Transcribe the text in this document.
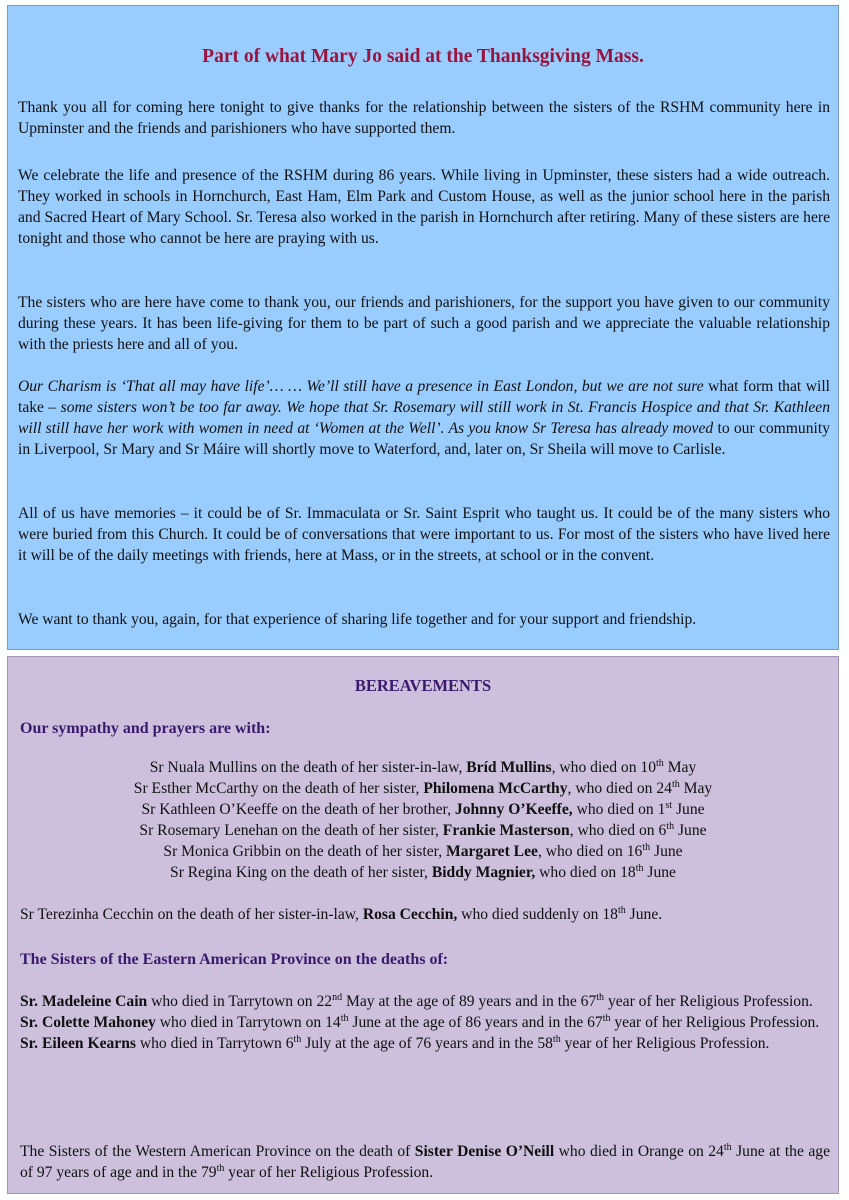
Part of what Mary Jo said at the Thanksgiving Mass.

Thank you all for coming here tonight to give thanks for the relationship between the sisters of the RSHM community here in Upminster and the friends and parishioners who have supported them.

We celebrate the life and presence of the RSHM during 86 years. While living in Upminster, these sisters had a wide outreach. They worked in schools in Hornchurch, East Ham, Elm Park and Custom House, as well as the junior school here in the parish and Sacred Heart of Mary School. Sr. Teresa also worked in the parish in Hornchurch after retiring. Many of these sisters are here tonight and those who cannot be here are praying with us.

The sisters who are here have come to thank you, our friends and parishioners, for the support you have given to our community during these years. It has been life-giving for them to be part of such a good parish and we appreciate the valuable relationship with the priests here and all of you.

Our Charism is ‘That all may have life’… … We’ll still have a presence in East London, but we are not sure what form that will take – some sisters won’t be too far away. We hope that Sr. Rosemary will still work in St. Francis Hospice and that Sr. Kathleen will still have her work with women in need at ‘Women at the Well’. As you know Sr Teresa has already moved to our community in Liverpool, Sr Mary and Sr Máire will shortly move to Waterford, and, later on, Sr Sheila will move to Carlisle.

All of us have memories – it could be of Sr. Immaculata or Sr. Saint Esprit who taught us. It could be of the many sisters who were buried from this Church. It could be of conversations that were important to us. For most of the sisters who have lived here it will be of the daily meetings with friends, here at Mass, or in the streets, at school or in the convent.

We want to thank you, again, for that experience of sharing life together and for your support and friendship.

BEREAVEMENTS
Our sympathy and prayers are with:
Sr Nuala Mullins on the death of her sister-in-law, Bríd Mullins, who died on 10th May
Sr Esther McCarthy on the death of her sister, Philomena McCarthy, who died on 24th May
Sr Kathleen O’Keeffe on the death of her brother, Johnny O’Keeffe, who died on 1st June
Sr Rosemary Lenehan on the death of her sister, Frankie Masterson, who died on 6th June
Sr Monica Gribbin on the death of her sister, Margaret Lee, who died on 16th June
Sr Regina King on the death of her sister, Biddy Magnier, who died on 18th June

Sr Terezinha Cecchin on the death of her sister-in-law, Rosa Cecchin, who died suddenly on 18th June.

The Sisters of the Eastern American Province on the deaths of:

Sr. Madeleine Cain who died in Tarrytown on 22nd May at the age of 89 years and in the 67th year of her Religious Profession.
Sr. Colette Mahoney who died in Tarrytown on 14th June at the age of 86 years and in the 67th year of her Religious Profession.
Sr. Eileen Kearns who died in Tarrytown 6th July at the age of 76 years and in the 58th year of her Religious Profession.

The Sisters of the Western American Province on the death of Sister Denise O’Neill who died in Orange on 24th June at the age of 97 years of age and in the 79th year of her Religious Profession.
